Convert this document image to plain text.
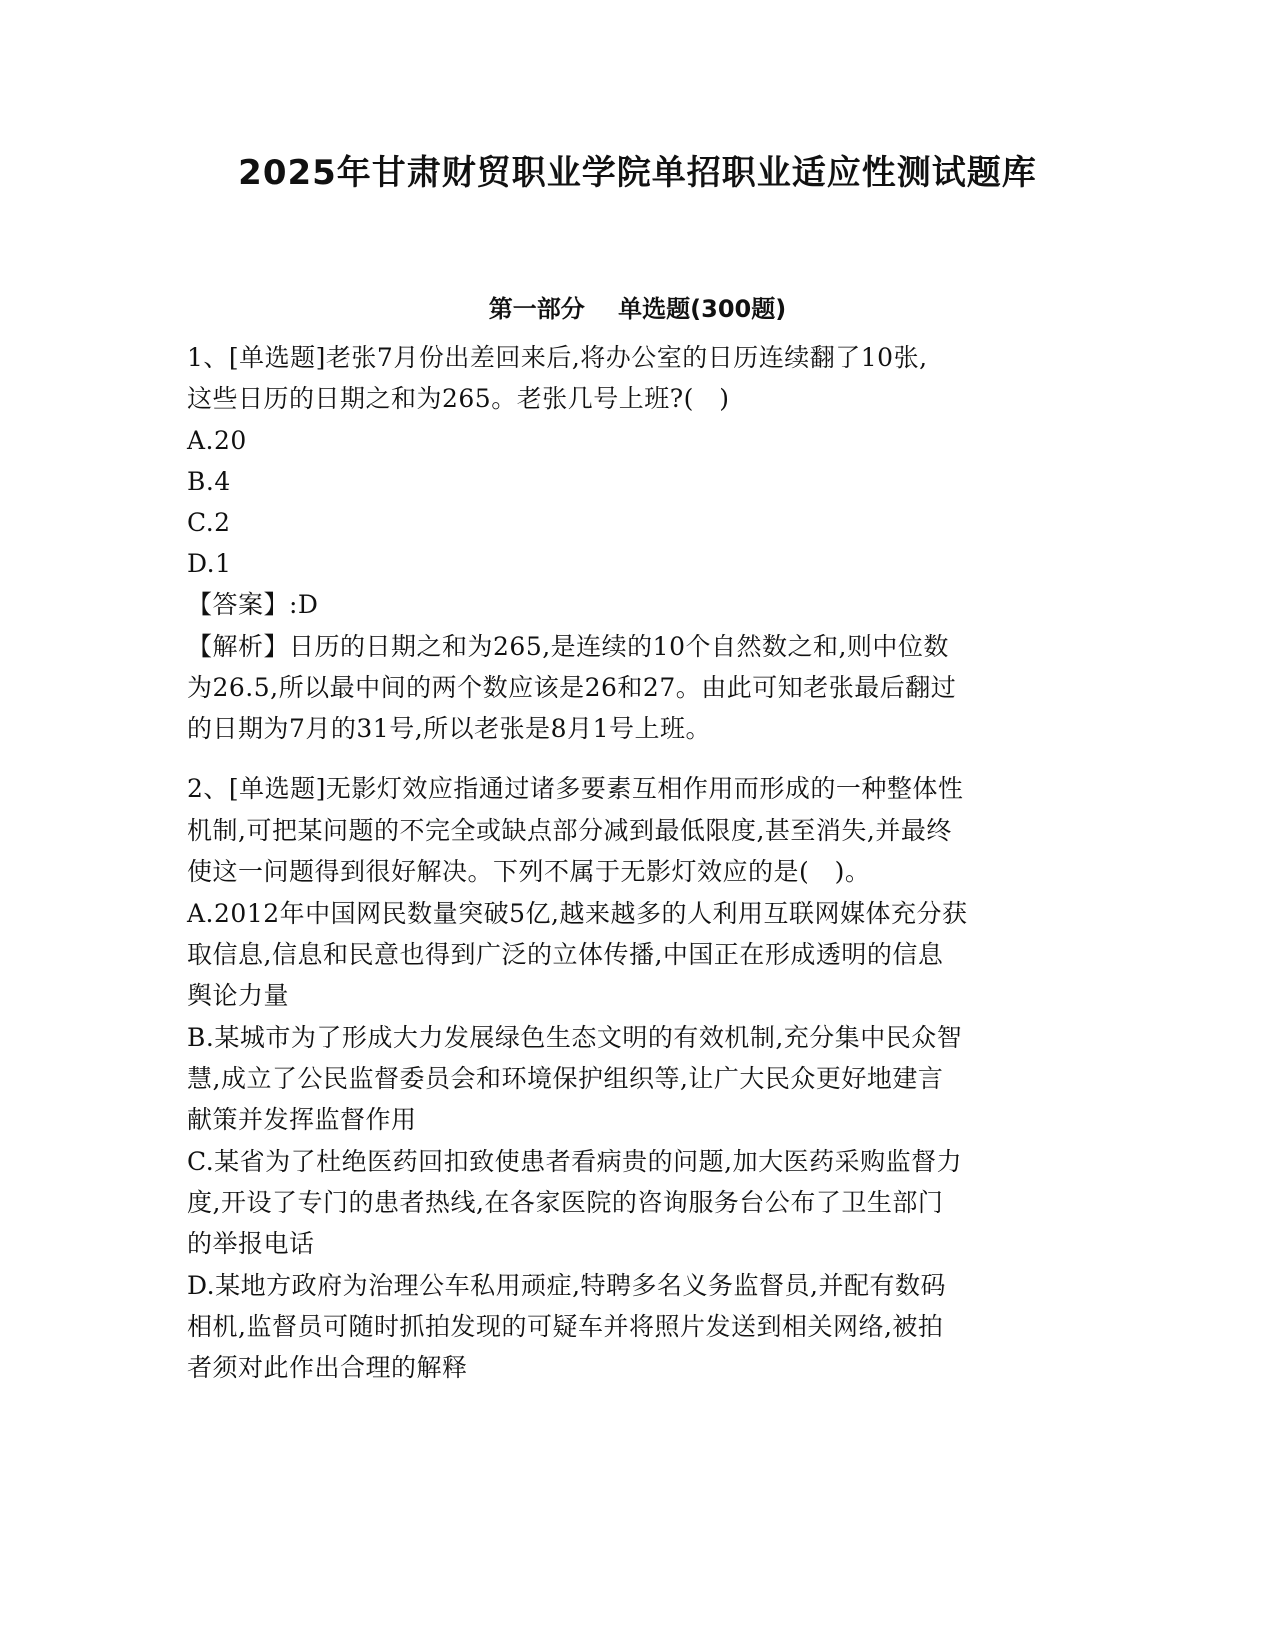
2025年甘肃财贸职业学院单招职业适应性测试题库
第一部分    单选题(300题)
1、[单选题]老张7月份出差回来后,将办公室的日历连续翻了10张,
这些日历的日期之和为265。老张几号上班?(   )
A.20
B.4
C.2
D.1
【答案】:D
【解析】日历的日期之和为265,是连续的10个自然数之和,则中位数
为26.5,所以最中间的两个数应该是26和27。由此可知老张最后翻过
的日期为7月的31号,所以老张是8月1号上班。
2、[单选题]无影灯效应指通过诸多要素互相作用而形成的一种整体性
机制,可把某问题的不完全或缺点部分减到最低限度,甚至消失,并最终
使这一问题得到很好解决。下列不属于无影灯效应的是(   )。
A.2012年中国网民数量突破5亿,越来越多的人利用互联网媒体充分获
取信息,信息和民意也得到广泛的立体传播,中国正在形成透明的信息
舆论力量
B.某城市为了形成大力发展绿色生态文明的有效机制,充分集中民众智
慧,成立了公民监督委员会和环境保护组织等,让广大民众更好地建言
献策并发挥监督作用
C.某省为了杜绝医药回扣致使患者看病贵的问题,加大医药采购监督力
度,开设了专门的患者热线,在各家医院的咨询服务台公布了卫生部门
的举报电话
D.某地方政府为治理公车私用顽症,特聘多名义务监督员,并配有数码
相机,监督员可随时抓拍发现的可疑车并将照片发送到相关网络,被拍
者须对此作出合理的解释
